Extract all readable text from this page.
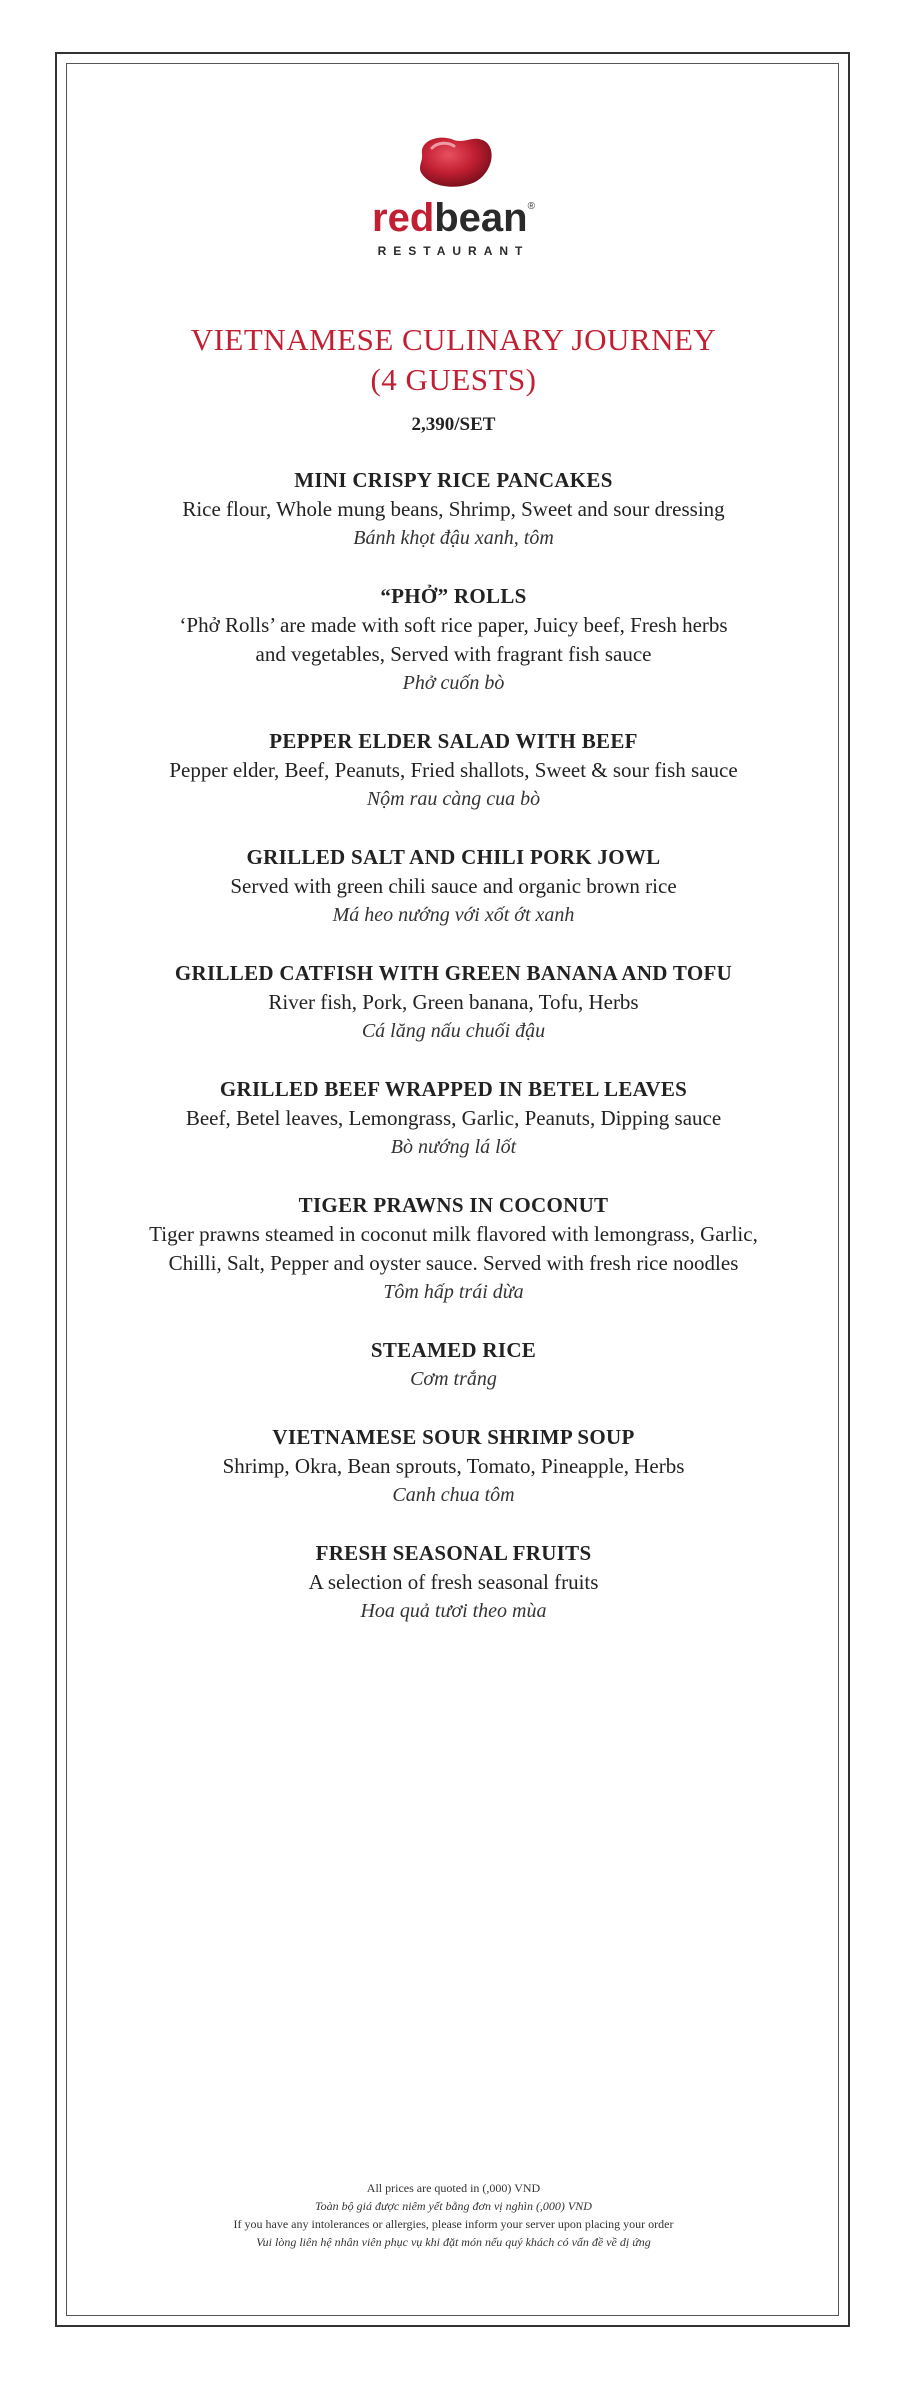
redbean®
RESTAURANT
VIETNAMESE CULINARY JOURNEY
(4 GUESTS)
2,390/SET
MINI CRISPY RICE PANCAKES
Rice flour, Whole mung beans, Shrimp, Sweet and sour dressing
Bánh khọt đậu xanh, tôm
“PHỞ” ROLLS
‘Phở Rolls’ are made with soft rice paper, Juicy beef, Fresh herbs
and vegetables, Served with fragrant fish sauce
Phở cuốn bò
PEPPER ELDER SALAD WITH BEEF
Pepper elder, Beef, Peanuts, Fried shallots, Sweet & sour fish sauce
Nộm rau càng cua bò
GRILLED SALT AND CHILI PORK JOWL
Served with green chili sauce and organic brown rice
Má heo nướng với xốt ớt xanh
GRILLED CATFISH WITH GREEN BANANA AND TOFU
River fish, Pork, Green banana, Tofu, Herbs
Cá lăng nấu chuối đậu
GRILLED BEEF WRAPPED IN BETEL LEAVES
Beef, Betel leaves, Lemongrass, Garlic, Peanuts, Dipping sauce
Bò nướng lá lốt
TIGER PRAWNS IN COCONUT
Tiger prawns steamed in coconut milk flavored with lemongrass, Garlic,
Chilli, Salt, Pepper and oyster sauce. Served with fresh rice noodles
Tôm hấp trái dừa
STEAMED RICE
Cơm trắng
VIETNAMESE SOUR SHRIMP SOUP
Shrimp, Okra, Bean sprouts, Tomato, Pineapple, Herbs
Canh chua tôm
FRESH SEASONAL FRUITS
A selection of fresh seasonal fruits
Hoa quả tươi theo mùa
All prices are quoted in (,000) VND
Toàn bộ giá được niêm yết bằng đơn vị nghìn (,000) VND
If you have any intolerances or allergies, please inform your server upon placing your order
Vui lòng liên hệ nhân viên phục vụ khi đặt món nếu quý khách có vấn đề về dị ứng
